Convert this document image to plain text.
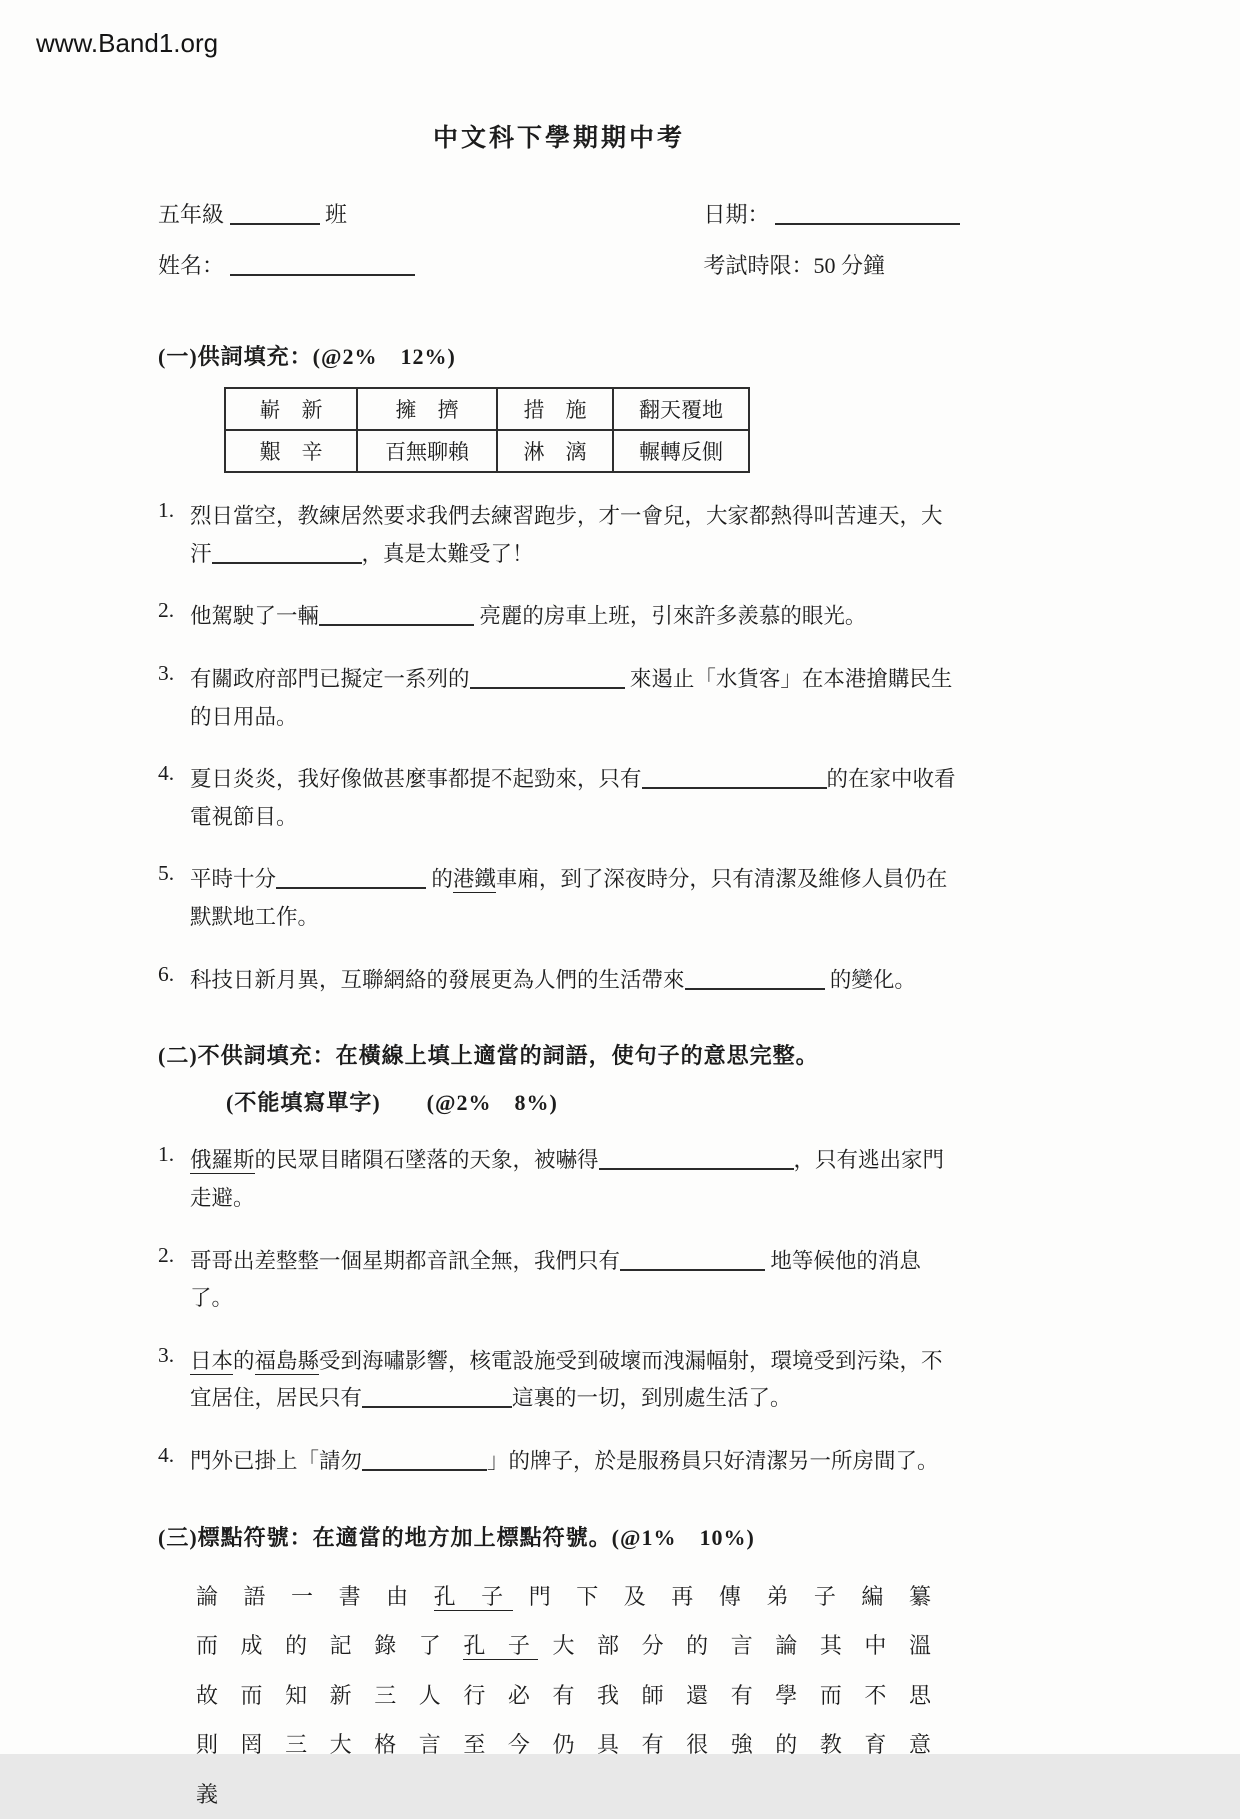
www.Band1.org
中文科下學期期中考
五年級	班
姓名：
日期：
考試時限：50 分鐘
(一)供詞填充：(@2%　12%)
嶄　新	擁　擠	措　施	翻天覆地
艱　辛	百無聊賴	淋　漓	輾轉反側
1. 烈日當空，教練居然要求我們去練習跑步，才一會兒，大家都熱得叫苦連天，大汗	，真是太難受了！
2. 他駕駛了一輛	亮麗的房車上班，引來許多羨慕的眼光。
3. 有關政府部門已擬定一系列的	來遏止「水貨客」在本港搶購民生的日用品。
4. 夏日炎炎，我好像做甚麼事都提不起勁來，只有	的在家中收看電視節目。
5. 平時十分	的港鐵車廂，到了深夜時分，只有清潔及維修人員仍在默默地工作。
6. 科技日新月異，互聯網絡的發展更為人們的生活帶來	的變化。
(二)不供詞填充：在橫線上填上適當的詞語，使句子的意思完整。
(不能填寫單字)　　(@2%　8%)
1. 俄羅斯的民眾目睹隕石墜落的天象，被嚇得	，只有逃出家門走避。
2. 哥哥出差整整一個星期都音訊全無，我們只有	地等候他的消息了。
3. 日本的福島縣受到海嘯影響，核電設施受到破壞而洩漏幅射，環境受到污染，不宜居住，居民只有	這裏的一切，到別處生活了。
4. 門外已掛上「請勿	」的牌子，於是服務員只好清潔另一所房間了。
(三)標點符號：在適當的地方加上標點符號。(@1%　10%)
論 語 一 書 由 孔 子 門 下 及 再 傳 弟 子 編 纂
而 成 的 記 錄 了 孔 子 大 部 分 的 言 論 其 中 溫
故 而 知 新 三 人 行 必 有 我 師 還 有 學 而 不 思
則 罔 三 大 格 言 至 今 仍 具 有 很 強 的 教 育 意
義
